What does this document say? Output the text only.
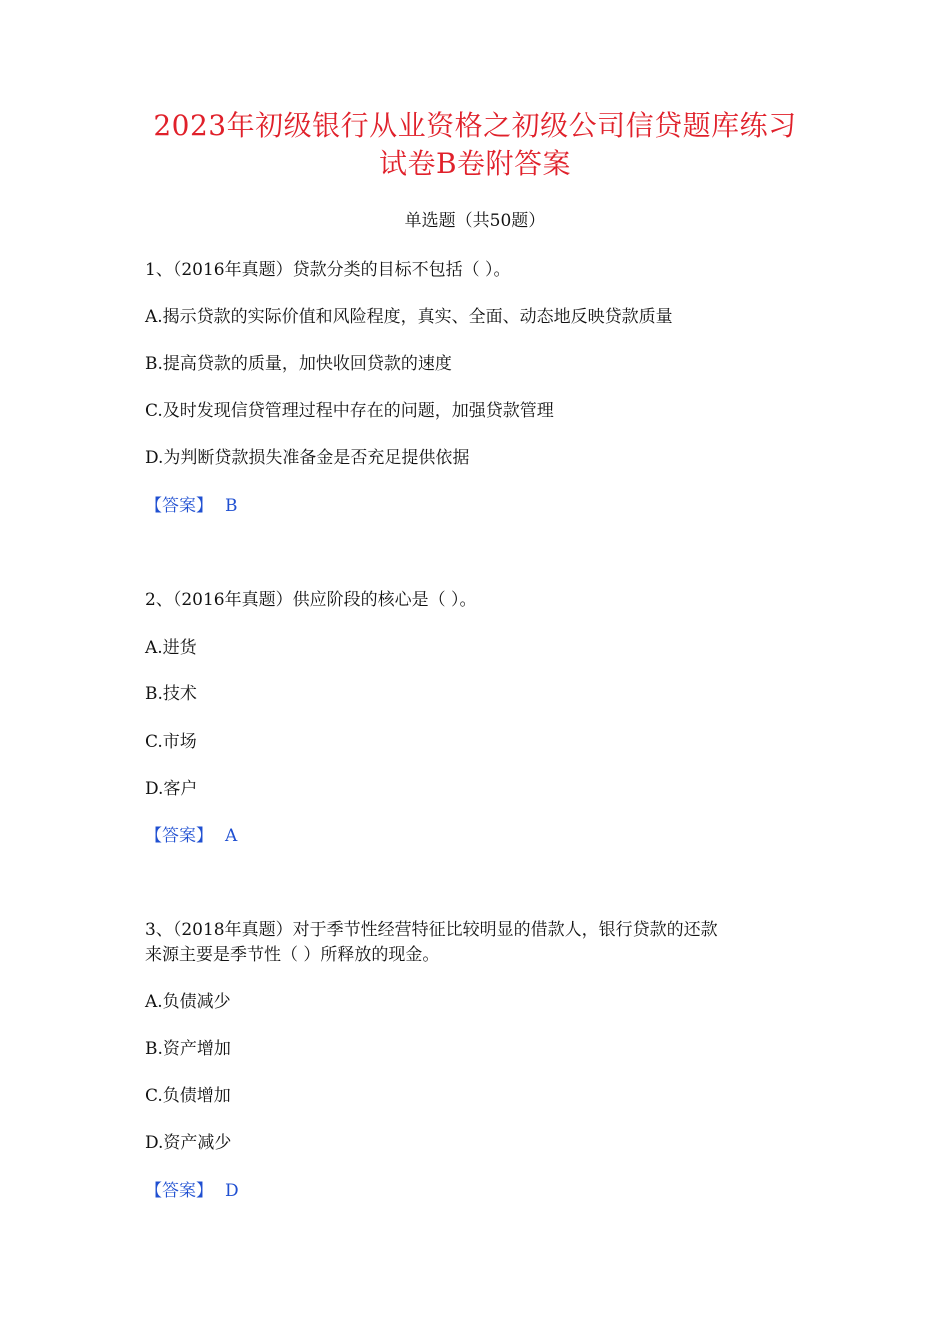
2023年初级银行从业资格之初级公司信贷题库练习
试卷B卷附答案
单选题（共50题）
1、（2016年真题）贷款分类的目标不包括（ ）。
A.揭示贷款的实际价值和风险程度，真实、全面、动态地反映贷款质量
B.提高贷款的质量，加快收回贷款的速度
C.及时发现信贷管理过程中存在的问题，加强贷款管理
D.为判断贷款损失准备金是否充足提供依据
【答案】 B
2、（2016年真题）供应阶段的核心是（ ）。
A.进货
B.技术
C.市场
D.客户
【答案】 A
3、（2018年真题）对于季节性经营特征比较明显的借款人，银行贷款的还款
来源主要是季节性（ ）所释放的现金。
A.负债减少
B.资产增加
C.负债增加
D.资产减少
【答案】 D
